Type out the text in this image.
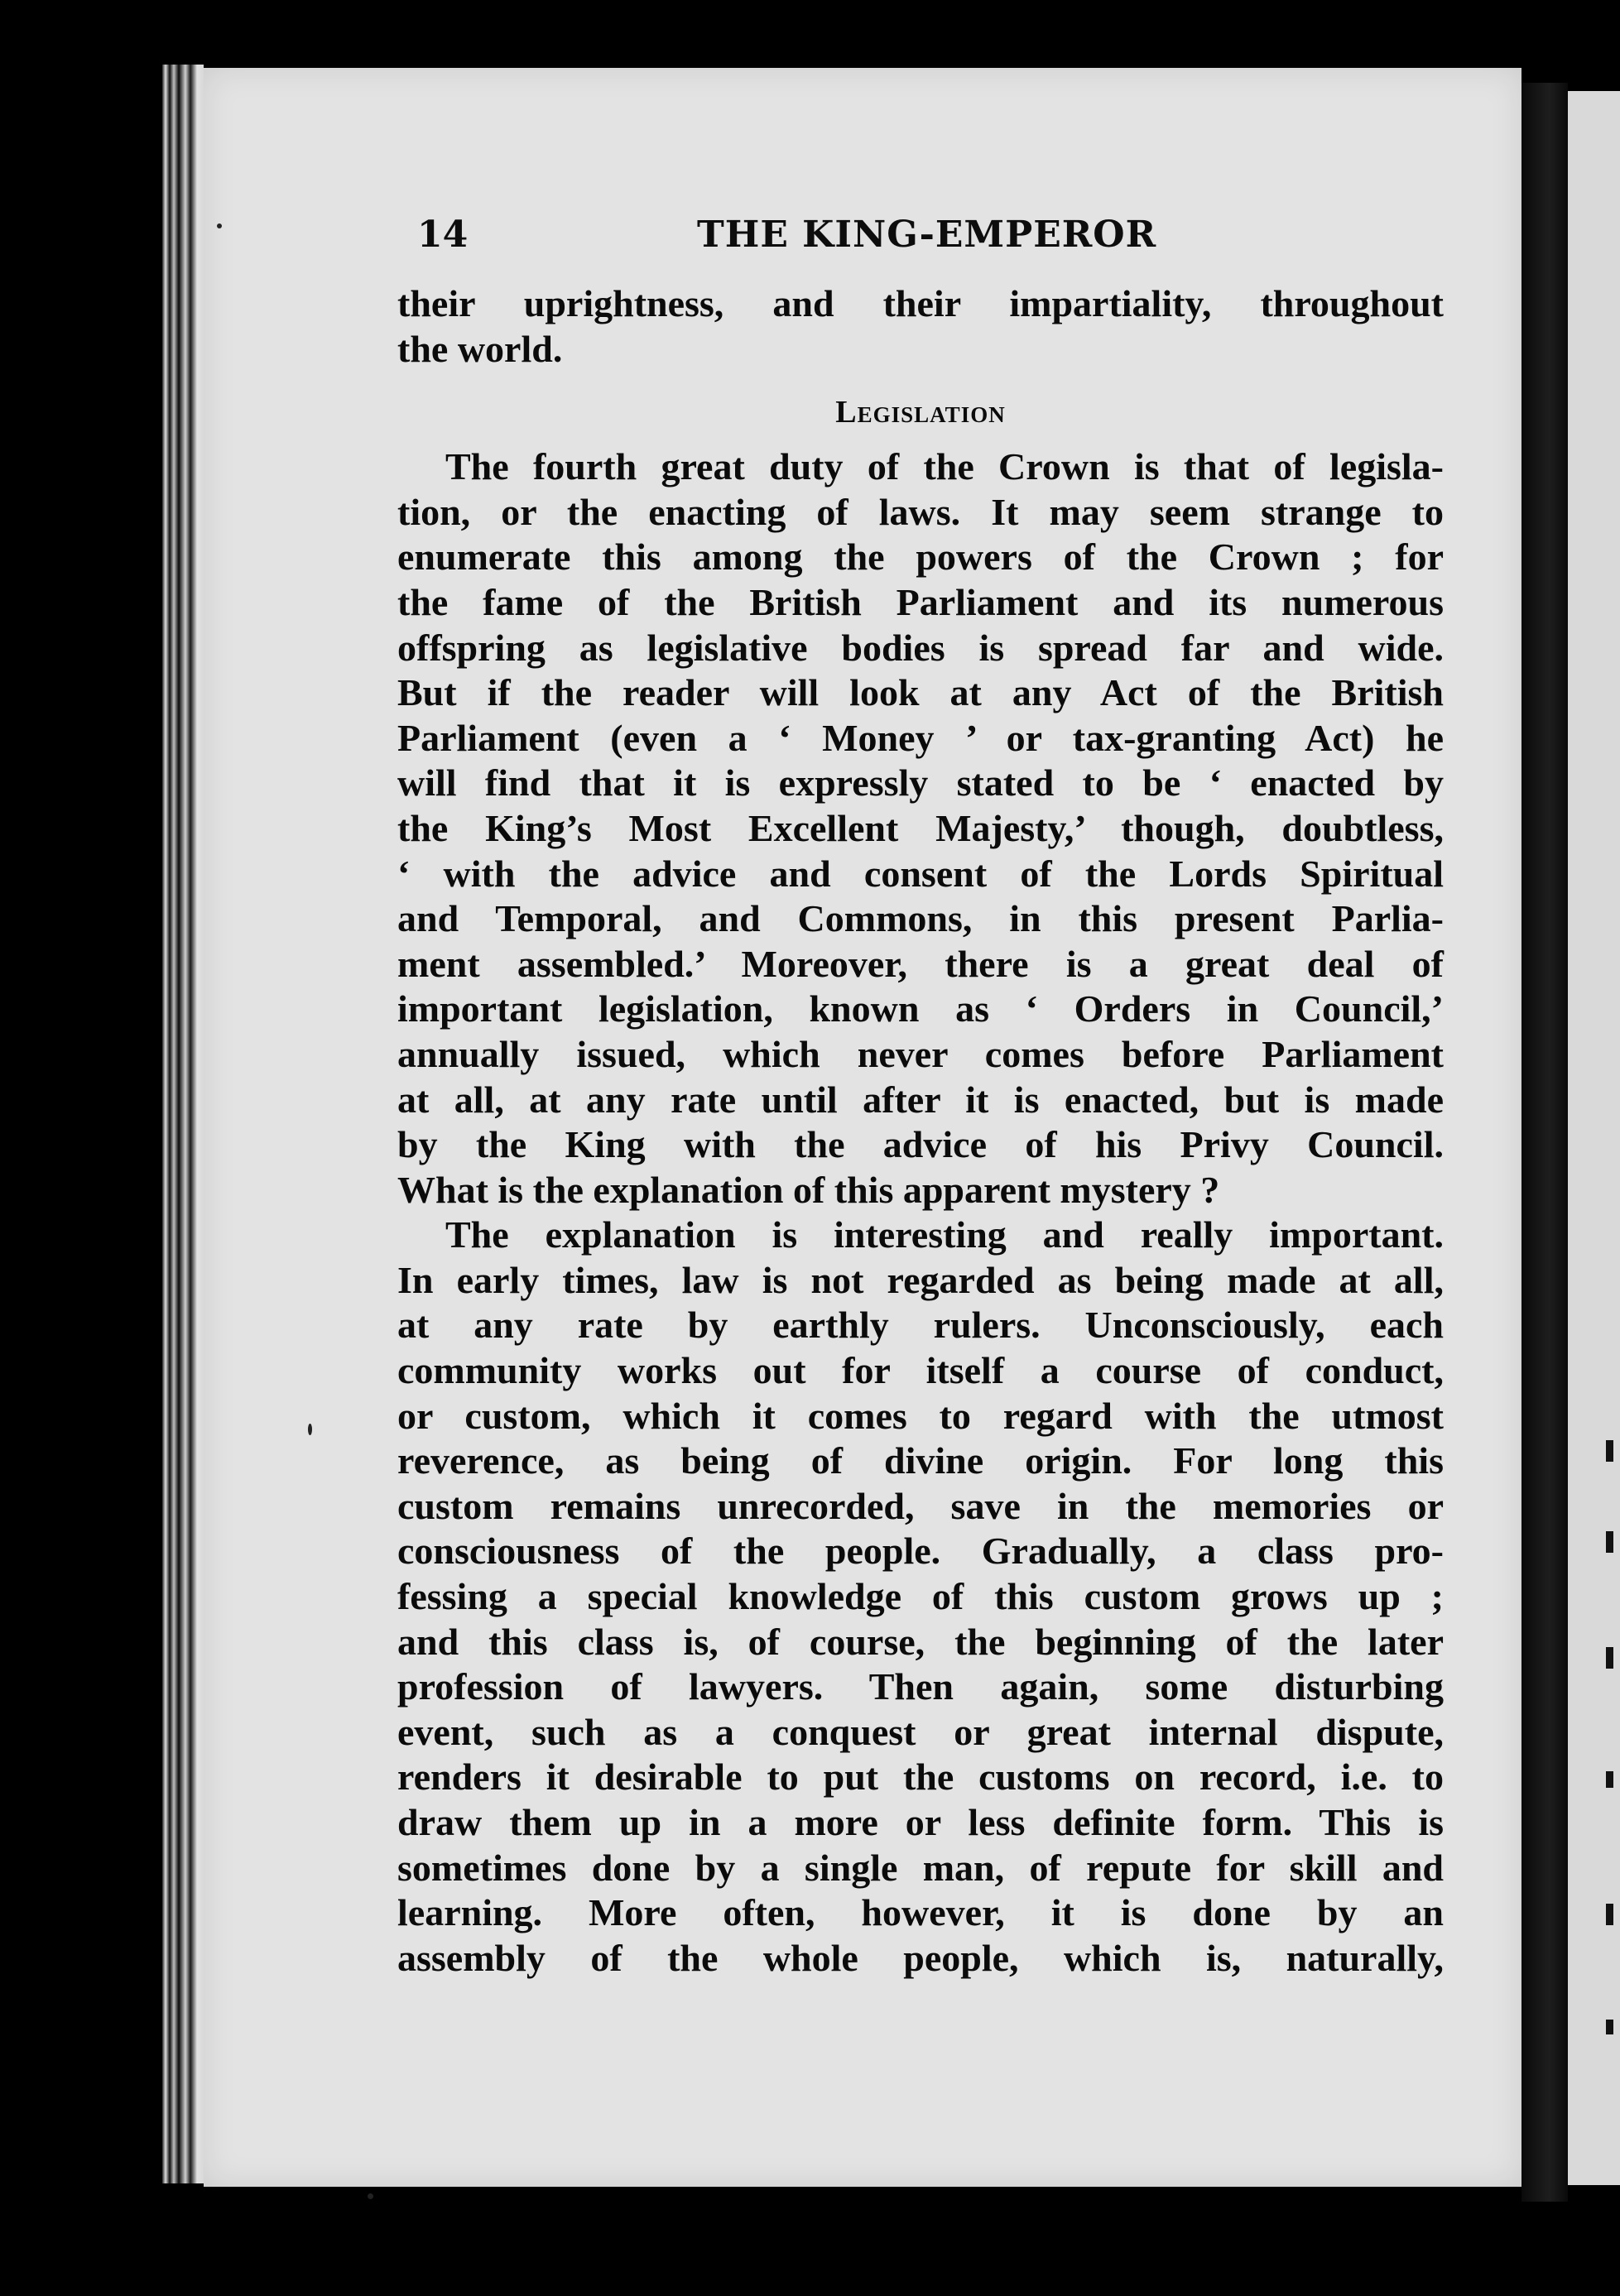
14	THE KING-EMPEROR

their uprightness, and their impartiality, throughout

the world.

Legislation

The fourth great duty of the Crown is that of legisla-

tion, or the enacting of laws. It may seem strange to

enumerate this among the powers of the Crown ; for

the fame of the British Parliament and its numerous

offspring as legislative bodies is spread far and wide.

But if the reader will look at any Act of the British

Parliament (even a ‘ Money ’ or tax-granting Act) he

will find that it is expressly stated to be ‘ enacted by

the King’s Most Excellent Majesty,’ though, doubtless,

‘ with the advice and consent of the Lords Spiritual

and Temporal, and Commons, in this present Parlia-

ment assembled.’ Moreover, there is a great deal of

important legislation, known as ‘ Orders in Council,’

annually issued, which never comes before Parliament

at all, at any rate until after it is enacted, but is made

by the King with the advice of his Privy Council.

What is the explanation of this apparent mystery ?

The explanation is interesting and really important.

In early times, law is not regarded as being made at all,

at any rate by earthly rulers. Unconsciously, each

community works out for itself a course of conduct,

or custom, which it comes to regard with the utmost

reverence, as being of divine origin. For long this

custom remains unrecorded, save in the memories or

consciousness of the people. Gradually, a class pro-

fessing a special knowledge of this custom grows up ;

and this class is, of course, the beginning of the later

profession of lawyers. Then again, some disturbing

event, such as a conquest or great internal dispute,

renders it desirable to put the customs on record, i.e. to

draw them up in a more or less definite form. This is

sometimes done by a single man, of repute for skill and

learning. More often, however, it is done by an

assembly of the whole people, which is, naturally,
